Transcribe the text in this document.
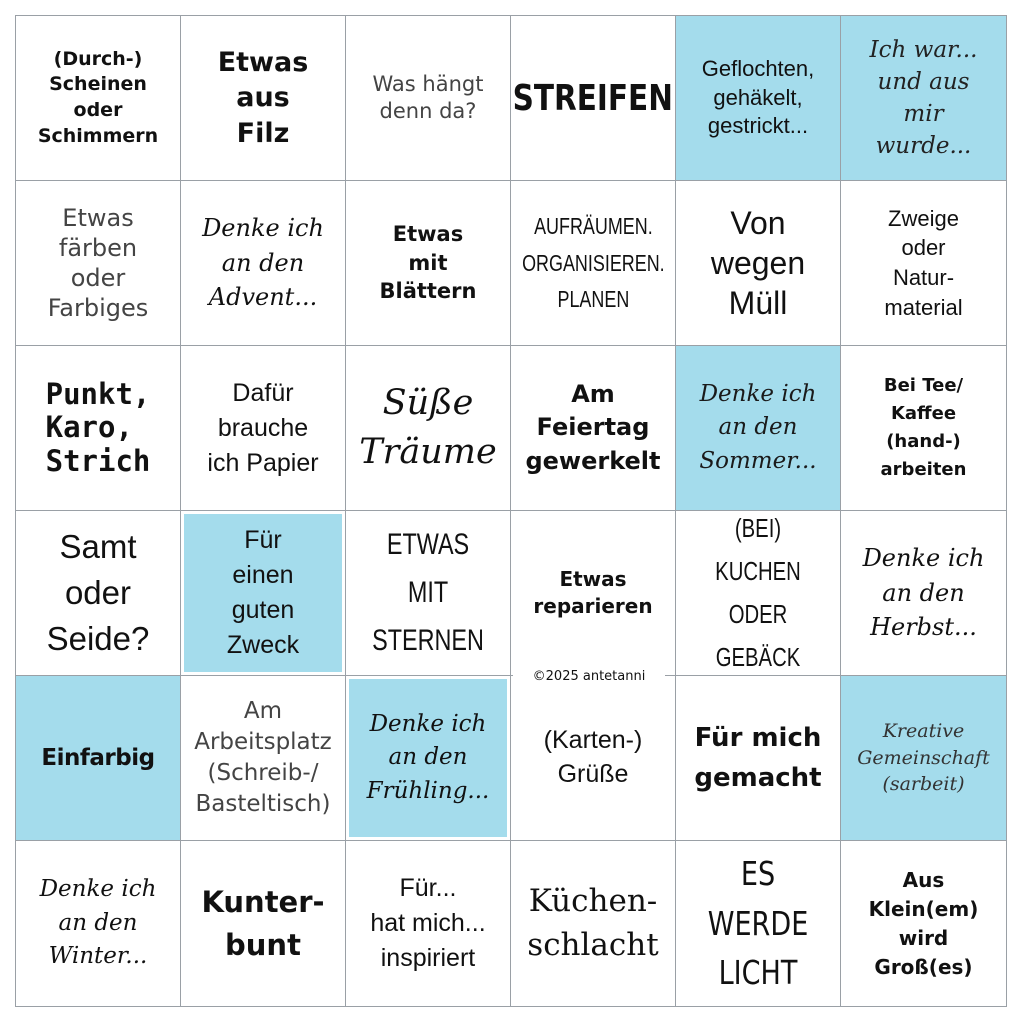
(Durch-)
Scheinen
oder
Schimmern
Etwas
aus
Filz
Was hängt
denn da? STREIFEN
Geflochten,
gehäkelt,
gestrickt...
Ich war...
und aus
mir
wurde...
Etwas
färben
oder
Farbiges
Denke ich
an den
Advent...
Etwas
mit
Blättern
AUFRÄUMEN.
ORGANISIEREN.
PLANEN
Von
wegen
Müll
Zweige
oder
Natur-
material
Punkt,
Karo,
Strich
Dafür
brauche
ich Papier
Süße
Träume
Am
Feiertag
gewerkelt
Denke ich
an den
Sommer...
Bei Tee/
Kaffee
(hand-)
arbeiten
Samt
oder
Seide?
Für
einen
guten
Zweck
ETWAS MIT
STERNEN
Etwas
reparieren
(BEI) KUCHEN
ODER GEBÄCK
Denke ich
an den
Herbst...
Einfarbig
Am
Arbeitsplatz
(Schreib-/
Basteltisch)
Denke ich
an den
Frühling...
(Karten-)
Grüße
Für mich
gemacht
Kreative
Gemeinschaft
(sarbeit)
Denke ich
an den
Winter...
Kunter-
bunt
Für...
hat mich...
inspiriert
Küchen-
schlacht
ES WERDE
LICHT
Aus
Klein(em)
wird
Groß(es)
©2025 antetanni
